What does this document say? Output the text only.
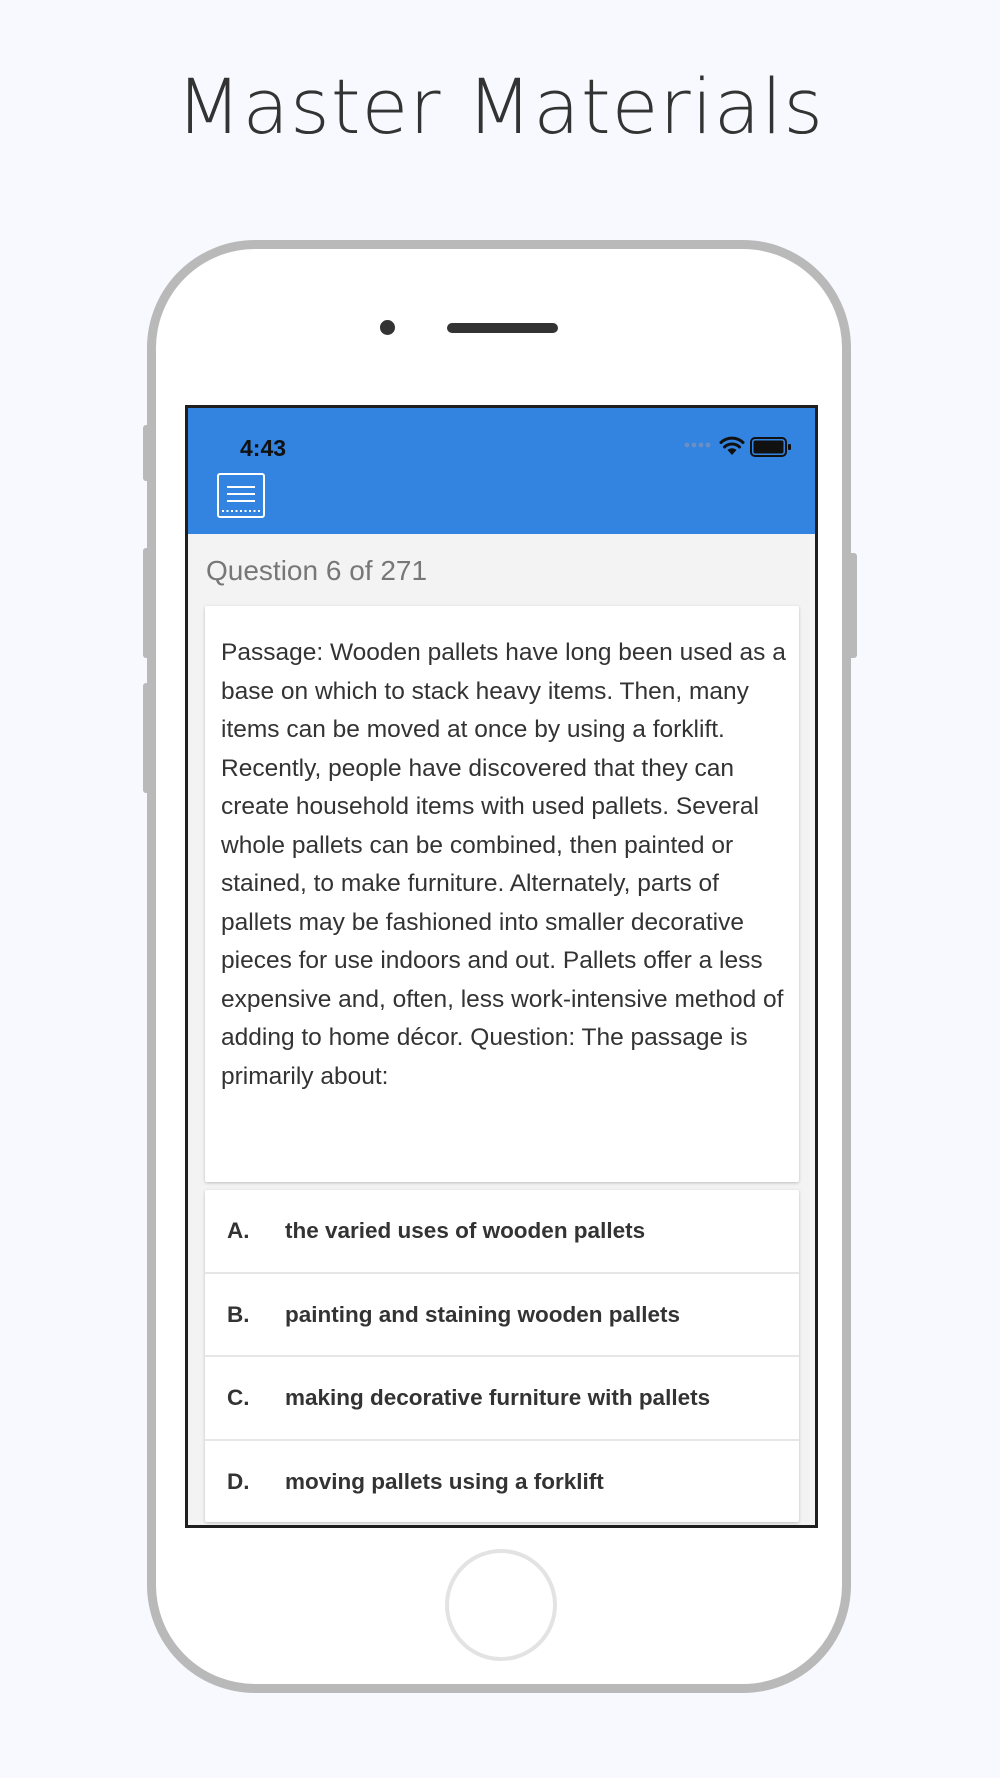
Master Materials
4:43
Question 6 of 271
Passage: Wooden pallets have long been used as a base on which to stack heavy items. Then, many items can be moved at once by using a forklift. Recently, people have discovered that they can create household items with used pallets. Several whole pallets can be combined, then painted or stained, to make furniture. Alternately, parts of pallets may be fashioned into smaller decorative pieces for use indoors and out. Pallets offer a less expensive and, often, less work-intensive method of adding to home décor. Question: The passage is primarily about:
A. the varied uses of wooden pallets
B. painting and staining wooden pallets
C. making decorative furniture with pallets
D. moving pallets using a forklift
